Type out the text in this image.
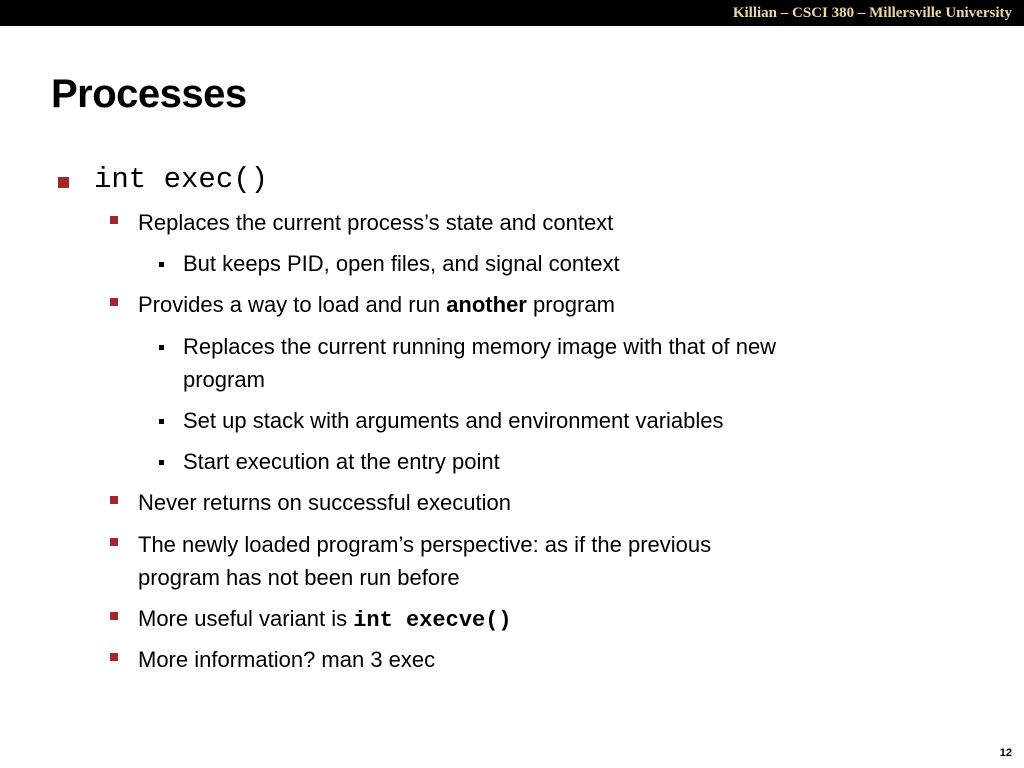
Killian – CSCI 380 – Millersville University
Processes
int exec()
Replaces the current process’s state and context
But keeps PID, open files, and signal context
Provides a way to load and run another program
Replaces the current running memory image with that of new
program
Set up stack with arguments and environment variables
Start execution at the entry point
Never returns on successful execution
The newly loaded program’s perspective: as if the previous
program has not been run before
More useful variant is int execve()
More information? man 3 exec
12
